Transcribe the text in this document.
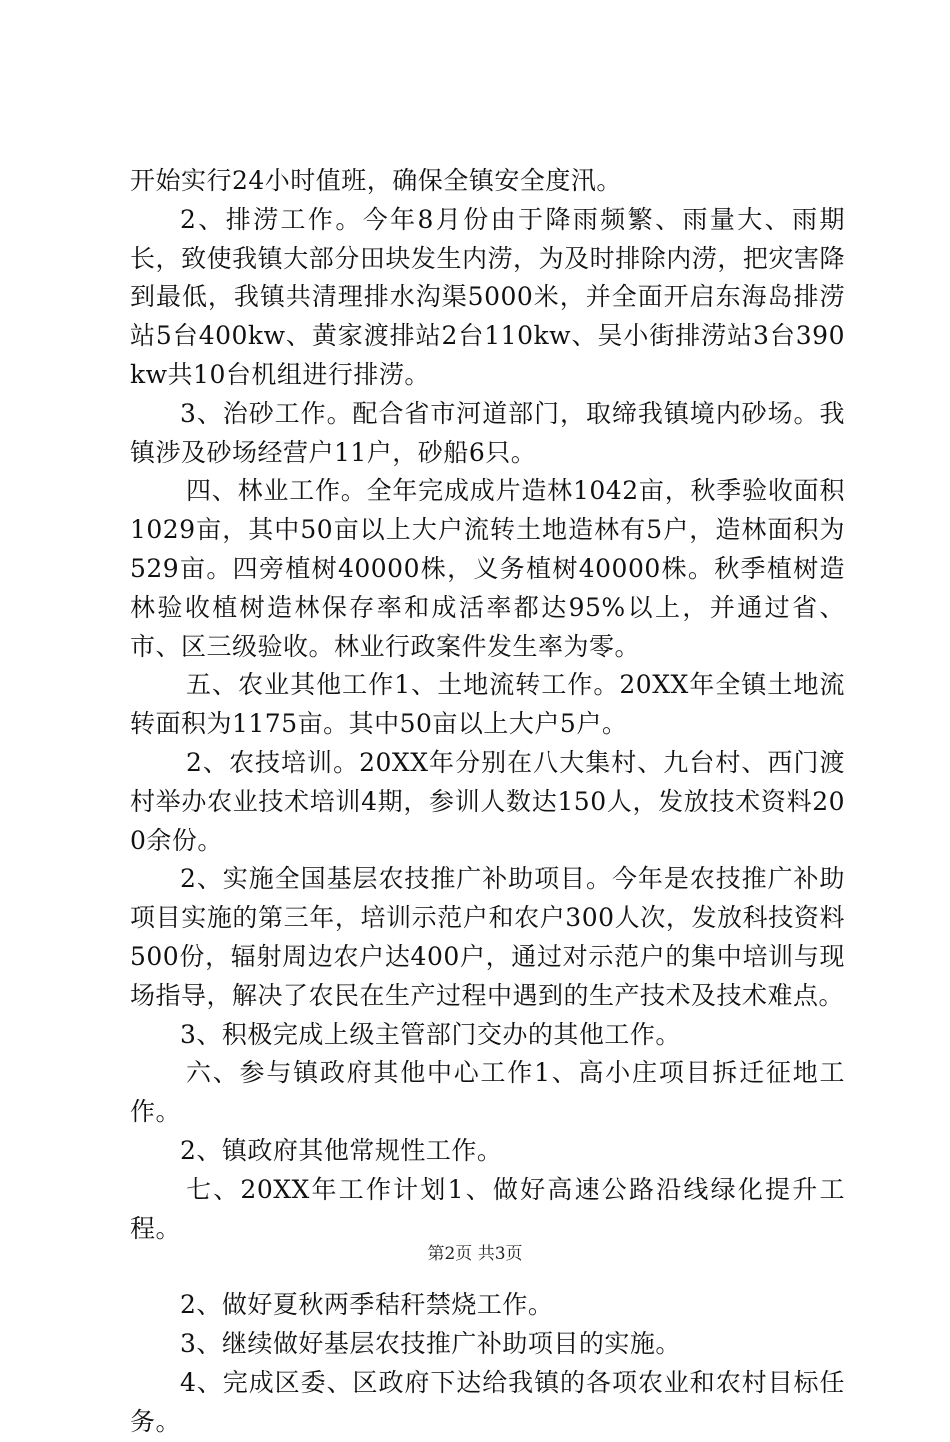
开始实行24小时值班，确保全镇安全度汛。

2、排涝工作。今年8月份由于降雨频繁、雨量大、雨期长，致使我镇大部分田块发生内涝，为及时排除内涝，把灾害降到最低，我镇共清理排水沟渠5000米，并全面开启东海岛排涝站5台400kw、黄家渡排站2台110kw、吴小街排涝站3台390kw共10台机组进行排涝。

3、治砂工作。配合省市河道部门，取缔我镇境内砂场。我镇涉及砂场经营户11户，砂船6只。

四、林业工作。全年完成成片造林1042亩，秋季验收面积1029亩，其中50亩以上大户流转土地造林有5户，造林面积为529亩。四旁植树40000株，义务植树40000株。秋季植树造林验收植树造林保存率和成活率都达95%以上，并通过省、市、区三级验收。林业行政案件发生率为零。

五、农业其他工作1、土地流转工作。20XX年全镇土地流转面积为1175亩。其中50亩以上大户5户。

2、农技培训。20XX年分别在八大集村、九台村、西门渡村举办农业技术培训4期，参训人数达150人，发放技术资料200余份。

2、实施全国基层农技推广补助项目。今年是农技推广补助项目实施的第三年，培训示范户和农户300人次，发放科技资料500份，辐射周边农户达400户，通过对示范户的集中培训与现场指导，解决了农民在生产过程中遇到的生产技术及技术难点。

3、积极完成上级主管部门交办的其他工作。

六、参与镇政府其他中心工作1、高小庄项目拆迁征地工作。

2、镇政府其他常规性工作。

七、20XX年工作计划1、做好高速公路沿线绿化提升工程。

2、做好夏秋两季秸秆禁烧工作。

3、继续做好基层农技推广补助项目的实施。

4、完成区委、区政府下达给我镇的各项农业和农村目标任务。

第2页 共3页
